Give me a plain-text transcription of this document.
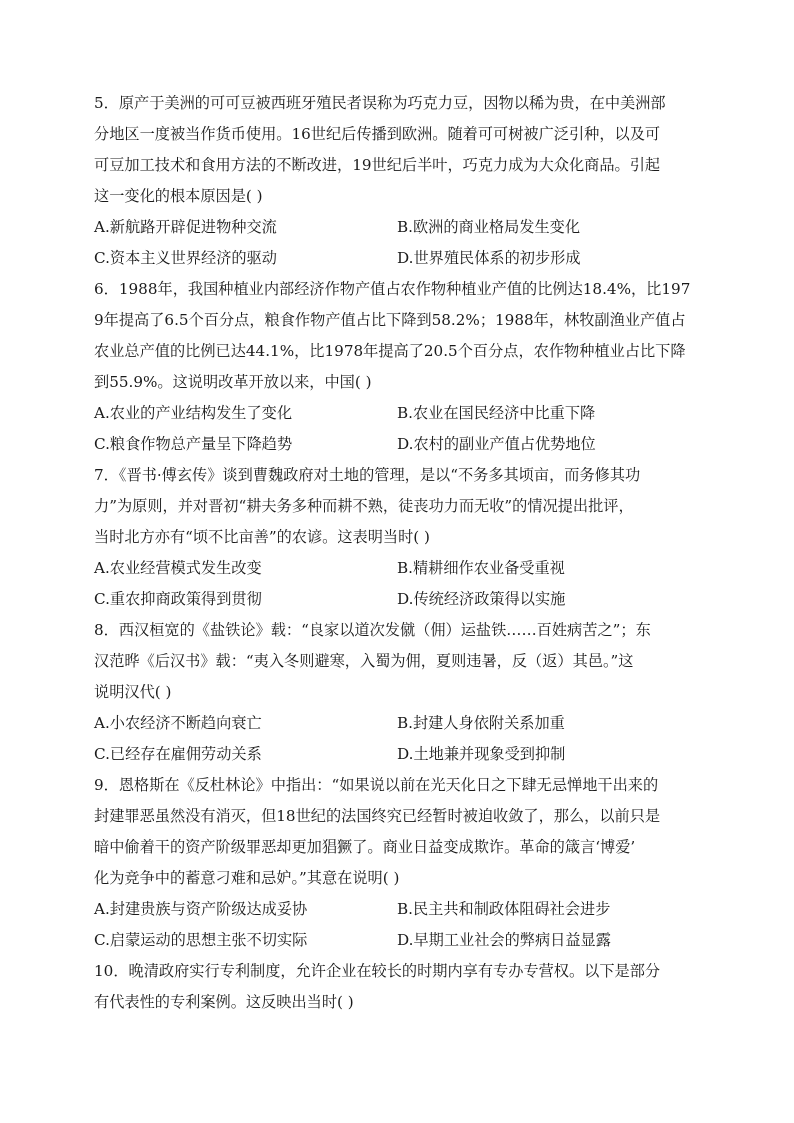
5．原产于美洲的可可豆被西班牙殖民者误称为巧克力豆，因物以稀为贵，在中美洲部
分地区一度被当作货币使用。16世纪后传播到欧洲。随着可可树被广泛引种，以及可
可豆加工技术和食用方法的不断改进，19世纪后半叶，巧克力成为大众化商品。引起
这一变化的根本原因是( )

A.新航路开辟促进物种交流	B.欧洲的商业格局发生变化
C.资本主义世界经济的驱动	D.世界殖民体系的初步形成

6．1988年，我国种植业内部经济作物产值占农作物种植业产值的比例达18.4%，比197
9年提高了6.5个百分点，粮食作物产值占比下降到58.2%；1988年，林牧副渔业产值占
农业总产值的比例已达44.1%，比1978年提高了20.5个百分点，农作物种植业占比下降
到55.9%。这说明改革开放以来，中国( )

A.农业的产业结构发生了变化	B.农业在国民经济中比重下降
C.粮食作物总产量呈下降趋势	D.农村的副业产值占优势地位

7．《晋书·傅玄传》谈到曹魏政府对土地的管理，是以“不务多其顷亩，而务修其功
力”为原则，并对晋初“耕夫务多种而耕不熟，徒丧功力而无收”的情况提出批评，
当时北方亦有“顷不比亩善”的农谚。这表明当时( )

A.农业经营模式发生改变	B.精耕细作农业备受重视
C.重农抑商政策得到贯彻	D.传统经济政策得以实施

8．西汉桓宽的《盐铁论》载：“良家以道次发僦（佣）运盐铁……百姓病苦之”；东
汉范晔《后汉书》载：“夷入冬则避寒，入蜀为佣，夏则违暑，反（返）其邑。”这
说明汉代( )

A.小农经济不断趋向衰亡	B.封建人身依附关系加重
C.已经存在雇佣劳动关系	D.土地兼并现象受到抑制

9．恩格斯在《反杜林论》中指出：“如果说以前在光天化日之下肆无忌惮地干出来的
封建罪恶虽然没有消灭，但18世纪的法国终究已经暂时被迫收敛了，那么，以前只是
暗中偷着干的资产阶级罪恶却更加猖獗了。商业日益变成欺诈。革命的箴言‘博爱’
化为竞争中的蓄意刁难和忌妒。”其意在说明( )

A.封建贵族与资产阶级达成妥协	B.民主共和制政体阻碍社会进步
C.启蒙运动的思想主张不切实际	D.早期工业社会的弊病日益显露

10．晚清政府实行专利制度，允许企业在较长的时期内享有专办专营权。以下是部分
有代表性的专利案例。这反映出当时( )
